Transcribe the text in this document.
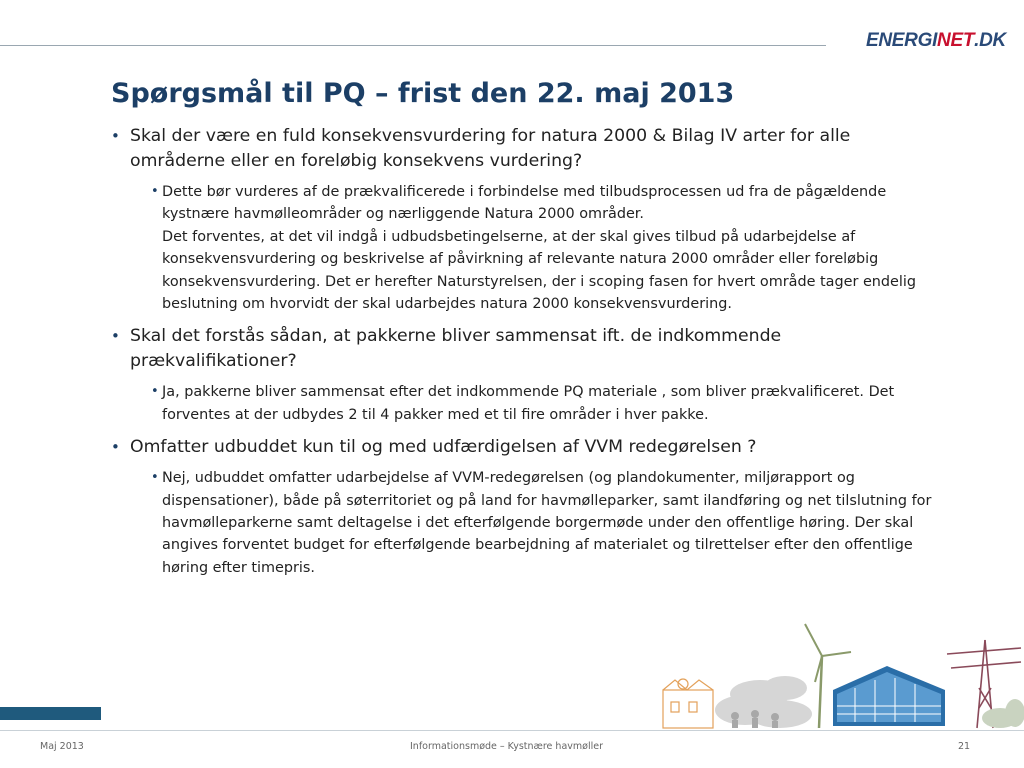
ENERGI NET .DK
Spørgsmål til PQ – frist den 22. maj 2013
• Skal der være en fuld konsekvensvurdering for natura 2000 & Bilag IV arter for alle områderne eller en foreløbig konsekvens vurdering?
• Dette bør vurderes af de prækvalificerede i forbindelse med tilbudsprocessen ud fra de pågældende kystnære havmølleområder og nærliggende Natura 2000 områder.
Det forventes, at det vil indgå i udbudsbetingelserne, at der skal gives tilbud på udarbejdelse af konsekvensvurdering og beskrivelse af påvirkning af relevante natura 2000 områder eller foreløbig konsekvensvurdering. Det er herefter Naturstyrelsen, der i scoping fasen for hvert område tager endelig beslutning om hvorvidt der skal udarbejdes natura 2000 konsekvensvurdering.
• Skal det forstås sådan, at pakkerne bliver sammensat ift. de indkommende prækvalifikationer?
• Ja, pakkerne bliver sammensat efter det indkommende PQ materiale , som bliver prækvalificeret. Det forventes at der udbydes 2 til 4 pakker med et til fire områder i hver pakke.
• Omfatter udbuddet kun til og med udfærdigelsen af VVM redegørelsen ?
• Nej, udbuddet omfatter udarbejdelse af VVM-redegørelsen (og plandokumenter, miljørapport og dispensationer), både på søterritoriet og på land for havmølleparker, samt ilandføring og net tilslutning for havmølleparkerne samt deltagelse i det efterfølgende borgermøde under den offentlige høring. Der skal angives forventet budget for efterfølgende bearbejdning af materialet og tilrettelser efter den offentlige høring efter timepris.
Maj 2013	Informationsmøde – Kystnære havmøller	21
